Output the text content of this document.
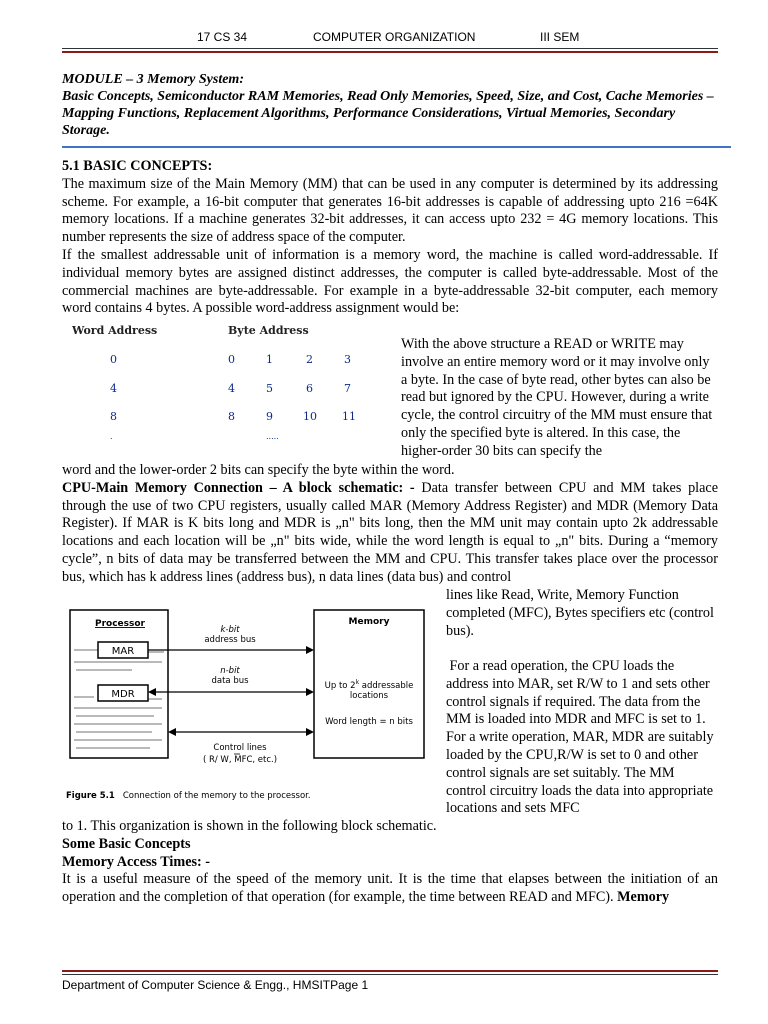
17 CS 34	COMPUTER ORGANIZATION	III SEM
MODULE – 3 Memory System:
Basic Concepts, Semiconductor RAM Memories, Read Only Memories, Speed, Size, and Cost, Cache Memories – Mapping Functions, Replacement Algorithms, Performance Considerations, Virtual Memories, Secondary Storage.

5.1 BASIC CONCEPTS:

The maximum size of the Main Memory (MM) that can be used in any computer is determined by its addressing scheme. For example, a 16-bit computer that generates 16-bit addresses is capable of addressing upto 216 =64K memory locations. If a machine generates 32-bit addresses, it can access upto 232 = 4G memory locations. This number represents the size of address space of the computer.

If the smallest addressable unit of information is a memory word, the machine is called word-addressable. If individual memory bytes are assigned distinct addresses, the computer is called byte-addressable. Most of the commercial machines are byte-addressable. For example in a byte-addressable 32-bit computer, each memory word contains 4 bytes. A possible word-address assignment would be:

Word Address	Byte Address
0	0	1	2	3
4	4	5	6	7
8	8	9	10 11
.	.....
With the above structure a READ or WRITE may involve an entire memory word or it may involve only a byte. In the case of byte read, other bytes can also be read but ignored by the CPU. However, during a write cycle, the control circuitry of the MM must ensure that only the specified byte is altered. In this case, the higher-order 30 bits can specify the

word and the lower-order 2 bits can specify the byte within the word.

CPU-Main Memory Connection – A block schematic: - Data transfer between CPU and MM takes place through the use of two CPU registers, usually called MAR (Memory Address Register) and MDR (Memory Data Register). If MAR is K bits long and MDR is „n" bits long, then the MM unit may contain upto 2k addressable locations and each location will be „n" bits wide, while the word length is equal to „n" bits. During a “memory cycle”, n bits of data may be transferred between the MM and CPU. This transfer takes place over the processor bus, which has k address lines (address bus), n data lines (data bus) and control

lines like Read, Write, Memory Function completed (MFC), Bytes specifiers etc (control bus).
For a read operation, the CPU loads the address into MAR, set R/W to 1 and sets other control signals if required. The data from the MM is loaded into MDR and MFC is set to 1. For a write operation, MAR, MDR are suitably loaded by the CPU,R/W is set to 0 and other control signals are set suitably. The MM control circuitry loads the data into appropriate locations and sets MFC
Processor
MAR
MDR
Memory
Up to 2$^k$ addressable
locations
Word length = n bits
k-bit
address bus
n-bit
data bus
Control lines
( R/ W, MFC, etc.)
Figure 5.1 Connection of the memory to the processor.

to 1. This organization is shown in the following block schematic.

Some Basic Concepts

Memory Access Times: -

It is a useful measure of the speed of the memory unit. It is the time that elapses between the initiation of an operation and the completion of that operation (for example, the time between READ and MFC). Memory

Department of Computer Science & Engg., HMSITPage 1
